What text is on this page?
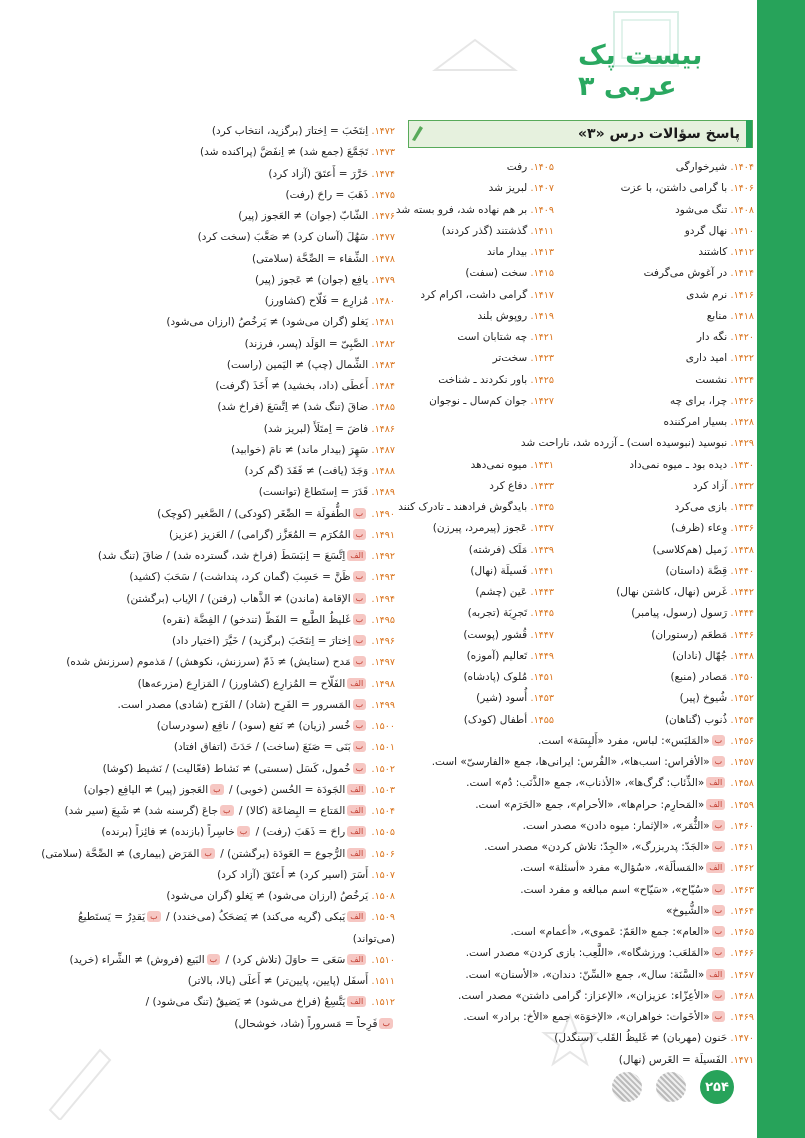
بیست پک عربی ۳
پاسخ سؤالات درس «۳»
۱۴۷۲. اِنتَخَبَ = اِختارَ (برگزید، انتخاب کرد)
۱۴۷۳. تَجَمَّعَ (جمع شد) ≠ اِنفَضَّ (پراکنده شد)
۱۴۷۴. حَرَّرَ = أَعتَقَ (آزاد کرد)
۱۴۷۵. ذَهَبَ = راحَ (رفت)
۱۴۷۶. الشّابّ (جوان) ≠ العَجوز (پیر)
۱۴۷۷. سَهُلَ (آسان کرد) ≠ صَعَّبَ (سخت کرد)
۱۴۷۸. الشِّفاء = الصِّحَّة (سلامتی)
۱۴۷۹. یافِع (جوان) ≠ عَجوز (پیر)
۱۴۸۰. مُزارِع = فَلّاح (کشاورز)
۱۴۸۱. یَغلو (گران می‌شود) ≠ یَرخُصُ (ارزان می‌شود)
۱۴۸۲. الصَّبِیّ = الوَلَد (پسر، فرزند)
۱۴۸۳. الشِّمال (چپ) ≠ الیَمین (راست)
۱۴۸۴. أَعطَی (داد، بخشید) ≠ أَخَذَ (گرفت)
۱۴۸۵. ضاقَ (تنگ شد) ≠ اِتَّسَعَ (فراخ شد)
۱۴۸۶. فاضَ = اِمتَلَأَ (لبریز شد)
۱۴۸۷. سَهِرَ (بیدار ماند) ≠ نامَ (خوابید)
۱۴۸۸. وَجَدَ (یافت) ≠ فَقَدَ (گم کرد)
۱۴۸۹. قَدَرَ = اِستَطاعَ (توانست)
۱۴۹۰. بالطُّفولَة = الصِّغَر (کودکی) / الصَّغیر (کوچک)
۱۴۹۱. بالمُکرَم = المُعَزَّز (گرامی) / العَزیز (عزیز)
۱۴۹۲. الفاِتَّسَعَ = اِنبَسَطَ (فراخ شد، گسترده شد) / ضاقَ (تنگ شد)
۱۴۹۳. بظَنَّ = حَسِبَ (گمان کرد، پنداشت) / سَحَبَ (کشید)
۱۴۹۴. بالإقامة (ماندن) ≠ الذَّهاب (رفتن) / الإیاب (برگشتن)
۱۴۹۵. بغَلیظُ الطَّبع = الفَظّ (تندخو) / الفِضَّة (نقره)
۱۴۹۶. باِختارَ = اِنتَخَبَ (برگزید) / خَیَّرَ (اختیار داد)
۱۴۹۷. بمَدح (ستایش) ≠ ذَمّ (سرزنش، نکوهش) / مَذموم (سرزنش شده)
۱۴۹۸. الفالفَلّاح = المُزارِع (کشاورز) / المَزارِع (مزرعه‌ها)
۱۴۹۹. بالمَسرور = الفَرِح (شاد) / الفَرَح (شادی) مصدر است.
۱۵۰۰. بخُسر (زیان) ≠ نَفع (سود) / نافِع (سودرسان)
۱۵۰۱. ببَنَی = صَنَعَ (ساخت) / حَدَثَ (اتفاق افتاد)
۱۵۰۲. بخُمول، کَسَل (سستی) ≠ نَشاط (فعّالیت) / نَشیط (کوشا)
۱۵۰۳. الفالجَودَة = الحُسن (خوبی) / بالعَجوز (پیر) ≠ الیافِع (جوان)
۱۵۰۴. الفالمَتاع = البِضاعَة (کالا) / بجاعَ (گرسنه شد) ≠ شَبِعَ (سیر شد)
۱۵۰۵. الفراحَ = ذَهَبَ (رفت) / بخاسِراً (بازنده) ≠ فائِزاً (برنده)
۱۵۰۶. الفالرُّجوع = العَودَة (برگشتن) / بالمَرَض (بیماری) ≠ الصِّحَّة (سلامتی)
۱۵۰۷. أَسَرَ (اسیر کرد) ≠ أَعتَقَ (آزاد کرد)
۱۵۰۸. یَرخُصُ (ارزان می‌شود) ≠ یَغلو (گران می‌شود)
۱۵۰۹. الفیَبکی (گریه می‌کند) ≠ یَضحَکُ (می‌خندد) / بیَقدِرُ = یَستَطیعُ
(می‌تواند)
۱۵۱۰. الفسَعَی = حاوَلَ (تلاش کرد) / بالبَیع (فروش) ≠ الشِّراء (خرید)
۱۵۱۱. أَسفَل (پایین، پایین‌تر) ≠ أَعلَی (بالا، بالاتر)
۱۵۱۲. الفیَتَّسِعُ (فراخ می‌شود) ≠ یَضیقُ (تنگ می‌شود) /
بفَرِحاً = مَسروراً (شاد، خوشحال)
۱۴۰۴. شیرخوارگی
۱۴۰۵. رفت
۱۴۰۶. با گرامی داشتن، با عزت
۱۴۰۷. لبریز شد
۱۴۰۸. تنگ می‌شود
۱۴۰۹. بر هم نهاده شد، فرو بسته شد
۱۴۱۰. نهال گردو
۱۴۱۱. گذشتند (گذر کردند)
۱۴۱۲. کاشتند
۱۴۱۳. بیدار ماند
۱۴۱۴. در آغوش می‌گرفت
۱۴۱۵. سخت (سفت)
۱۴۱۶. نرم شدی
۱۴۱۷. گرامی داشت، اکرام کرد
۱۴۱۸. منابع
۱۴۱۹. روپوش بلند
۱۴۲۰. نگه دار
۱۴۲۱. چه شتابان است
۱۴۲۲. امید داری
۱۴۲۳. سخت‌تر
۱۴۲۴. نشست
۱۴۲۵. باور نکردند ـ شناخت
۱۴۲۶. چرا، برای چه
۱۴۲۷. جوان کم‌سال ـ نوجوان
۱۴۲۸. بسیار امرکننده
۱۴۲۹. نبوسید (نبوسیده است) ـ آزرده شد، ناراحت شد
۱۴۳۰. دیده بود ـ میوه نمی‌داد
۱۴۳۱. میوه نمی‌دهد
۱۴۳۲. آزاد کرد
۱۴۳۳. دفاع کرد
۱۴۳۴. بازی می‌کرد
۱۴۳۵. بایدگوش فرادهند ـ تادرک کنند
۱۴۳۶. وِعاء (ظرف)
۱۴۳۷. عَجوز (پیرمرد، پیرزن)
۱۴۳۸. زَمیل (هم‌کلاسی)
۱۴۳۹. مَلَک (فرشته)
۱۴۴۰. قِصَّة (داستان)
۱۴۴۱. فَسیلَة (نهال)
۱۴۴۲. غَرس (نهال، کاشتن نهال)
۱۴۴۳. عَین (چشم)
۱۴۴۴. رَسول (رسول، پیامبر)
۱۴۴۵. تَجرِبَة (تجربه)
۱۴۴۶. مَطعَم (رستوران)
۱۴۴۷. قُشور (پوست)
۱۴۴۸. جُهّال (نادان)
۱۴۴۹. تَعالیم (آموزه)
۱۴۵۰. مَصادر (منبع)
۱۴۵۱. مُلوک (پادشاه)
۱۴۵۲. شُیوخ (پیر)
۱۴۵۳. أُسود (شیر)
۱۴۵۴. ذُنوب (گناهان)
۱۴۵۵. أطفال (کودک)
۱۴۵۶. ب«المَلبَس»: لباس، مفرد «أَلبِسَة» است.
۱۴۵۷. ب«الأفراس: اسب‌ها»، «الفُرس: ایرانی‌ها، جمع «الفارسیّ» است.
۱۴۵۸. الف«الذِّئاب: گرگ‌ها»، «الأذناب»، جمع «الذَّنَب: دُم» است.
۱۴۵۹. الف«المَحارِم: حرام‌ها»، «الأحرام»، جمع «الحَرَم» است.
۱۴۶۰. ب«الثُّمَر»، «الإثمار: میوه دادن» مصدر است.
۱۴۶۱. ب«الجَدّ: پدربزرگ»، «الجِدّ: تلاش کردن» مصدر است.
۱۴۶۲. الف«المَسألَة»، «سُؤال» مفرد «أسئلة» است.
۱۴۶۳. ب«سُیّاح»، «سَیّاح» اسم مبالغه و مفرد است.
۱۴۶۴. ب«الشُّیوخ»
۱۴۶۵. ب«العام»: جمع «العَمّ: عَموی»، «أعمام» است.
۱۴۶۶. ب«المَلعَب: ورزشگاه»، «اللَّعِب: بازی کردن» مصدر است.
۱۴۶۷. الف«السَّنَة: سال»، جمع «السِّنّ: دندان»، «الأسنان» است.
۱۴۶۸. ب«الأعِزّاء: عزیزان»، «الإعزاز: گرامی داشتن» مصدر است.
۱۴۶۹. ب«الأخَوات: خواهران»، «الإخوَة» جمع «الأخ: برادر» است.
۱۴۷۰. حَنون (مهربان) ≠ غَلیظُ القَلب (سنگدل)
۱۴۷۱. الفَسیلَة = الغَرس (نهال)
۲۵۴
